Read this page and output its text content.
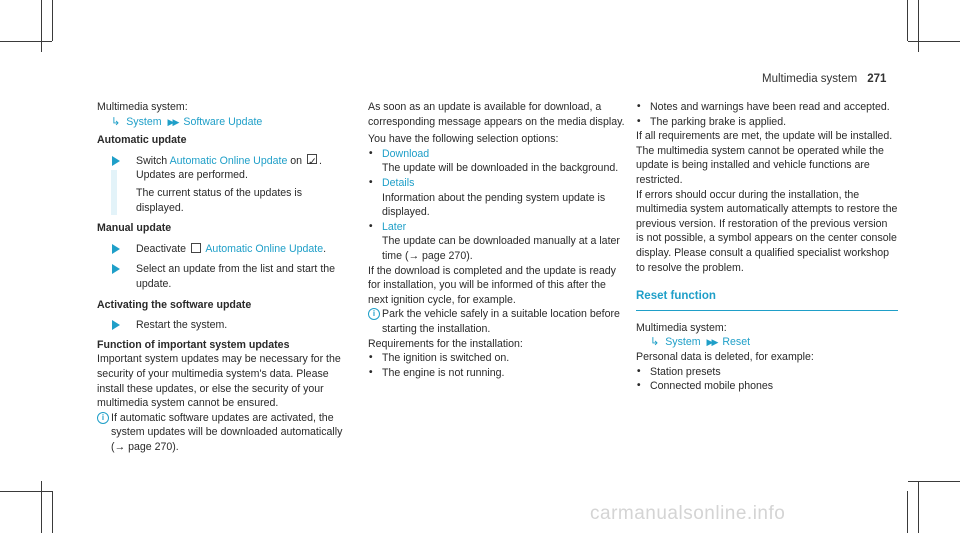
Multimedia system 271

Multimedia system:

↳ System ▶▶ Software Update

Automatic update

Switch Automatic Online Update on ✓ .

Updates are performed.

The current status of the updates is displayed.

Manual update

Deactivate  Automatic Online Update.

Select an update from the list and start the update.

Activating the software update

Restart the system.

Function of important system updates

Important system updates may be necessary for the security of your multimedia system's data. Please install these updates, or else the security of your multimedia system cannot be ensured.

i If automatic software updates are activated, the system updates will be downloaded automatically (→ page 270).

As soon as an update is available for download, a corresponding message appears on the media display.

You have the following selection options:

• Download

The update will be downloaded in the background.

• Details

Information about the pending system update is displayed.

• Later

The update can be downloaded manually at a later time (→ page 270).

If the download is completed and the update is ready for installation, you will be informed of this after the next ignition cycle, for example.

i Park the vehicle safely in a suitable location before starting the installation.

Requirements for the installation:

• The ignition is switched on.

• The engine is not running.

• Notes and warnings have been read and accepted.

• The parking brake is applied.

If all requirements are met, the update will be installed. The multimedia system cannot be operated while the update is being installed and vehicle functions are restricted.

If errors should occur during the installation, the multimedia system automatically attempts to restore the previous version. If restoration of the previous version is not possible, a symbol appears on the center console display. Please consult a qualified specialist workshop to resolve the problem.

Reset function

Multimedia system:

↳ System ▶▶ Reset

Personal data is deleted, for example:

• Station presets

• Connected mobile phones

carmanualsonline.info
